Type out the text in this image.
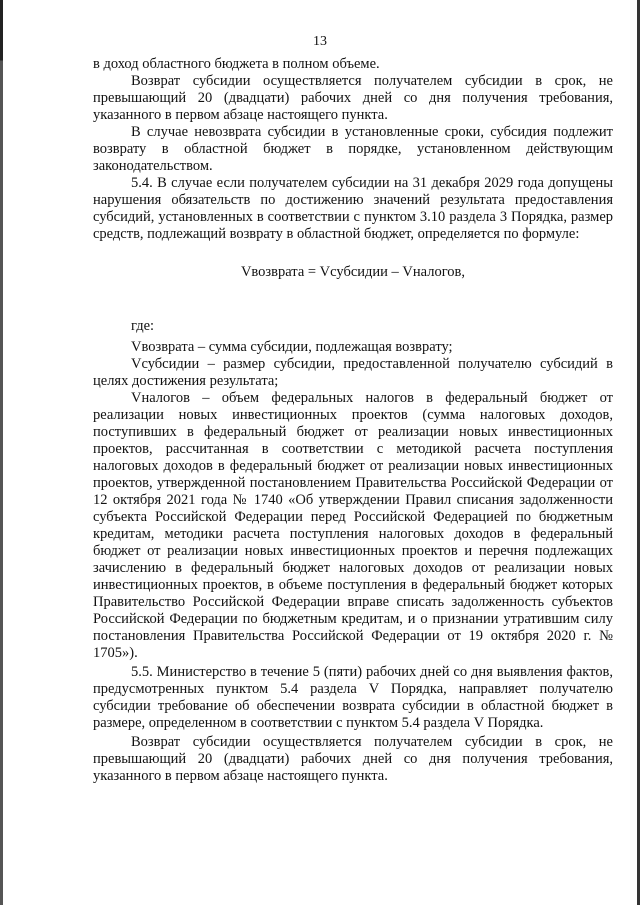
13

в доход областного бюджета в полном объеме.

Возврат субсидии осуществляется получателем субсидии в срок, не превышающий 20 (двадцати) рабочих дней со дня получения требования, указанного в первом абзаце настоящего пункта.

В случае невозврата субсидии в установленные сроки, субсидия подлежит возврату в областной бюджет в порядке, установленном действующим законодательством.

5.4. В случае если получателем субсидии на 31 декабря 2029 года допущены нарушения обязательств по достижению значений результата предоставления субсидий, установленных в соответствии с пунктом 3.10 раздела 3 Порядка, размер средств, подлежащий возврату в областной бюджет, определяется по формуле:

Vвозврата = Vсубсидии – Vналогов,

где:

Vвозврата – сумма субсидии, подлежащая возврату;

Vсубсидии – размер субсидии, предоставленной получателю субсидий в целях достижения результата;

Vналогов – объем федеральных налогов в федеральный бюджет от реализации новых инвестиционных проектов (сумма налоговых доходов, поступивших в федеральный бюджет от реализации новых инвестиционных проектов, рассчитанная в соответствии с методикой расчета поступления налоговых доходов в федеральный бюджет от реализации новых инвестиционных проектов, утвержденной постановлением Правительства Российской Федерации от 12 октября 2021 года № 1740 «Об утверждении Правил списания задолженности субъекта Российской Федерации перед Российской Федерацией по бюджетным кредитам, методики расчета поступления налоговых доходов в федеральный бюджет от реализации новых инвестиционных проектов и перечня подлежащих зачислению в федеральный бюджет налоговых доходов от реализации новых инвестиционных проектов, в объеме поступления в федеральный бюджет которых Правительство Российской Федерации вправе списать задолженность субъектов Российской Федерации по бюджетным кредитам, и о признании утратившим силу постановления Правительства Российской Федерации от 19 октября 2020 г. № 1705»).

5.5. Министерство в течение 5 (пяти) рабочих дней со дня выявления фактов, предусмотренных пунктом 5.4 раздела V Порядка, направляет получателю субсидии требование об обеспечении возврата субсидии в областной бюджет в размере, определенном в соответствии с пунктом 5.4 раздела V Порядка.

Возврат субсидии осуществляется получателем субсидии в срок, не превышающий 20 (двадцати) рабочих дней со дня получения требования, указанного в первом абзаце настоящего пункта.
